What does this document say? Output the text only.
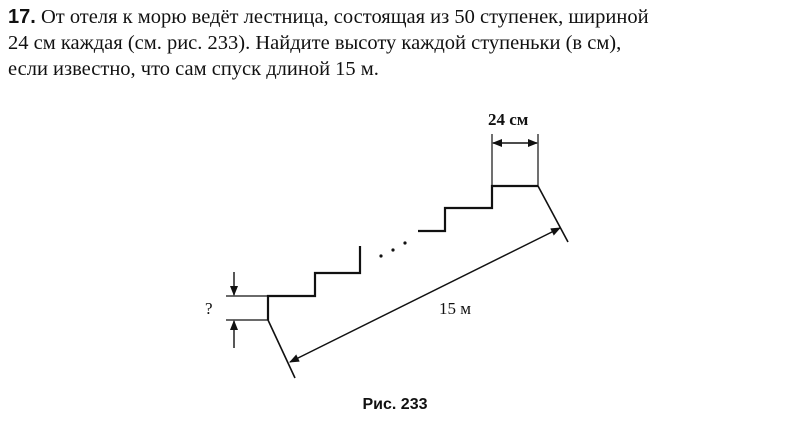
17. От отеля к морю ведёт лестница, состоящая из 50 ступенек, шириной
24 см каждая (см. рис. 233). Найдите высоту каждой ступеньки (в см),
если известно, что сам спуск длиной 15 м.

15 м
24 см
?
Рис. 233
